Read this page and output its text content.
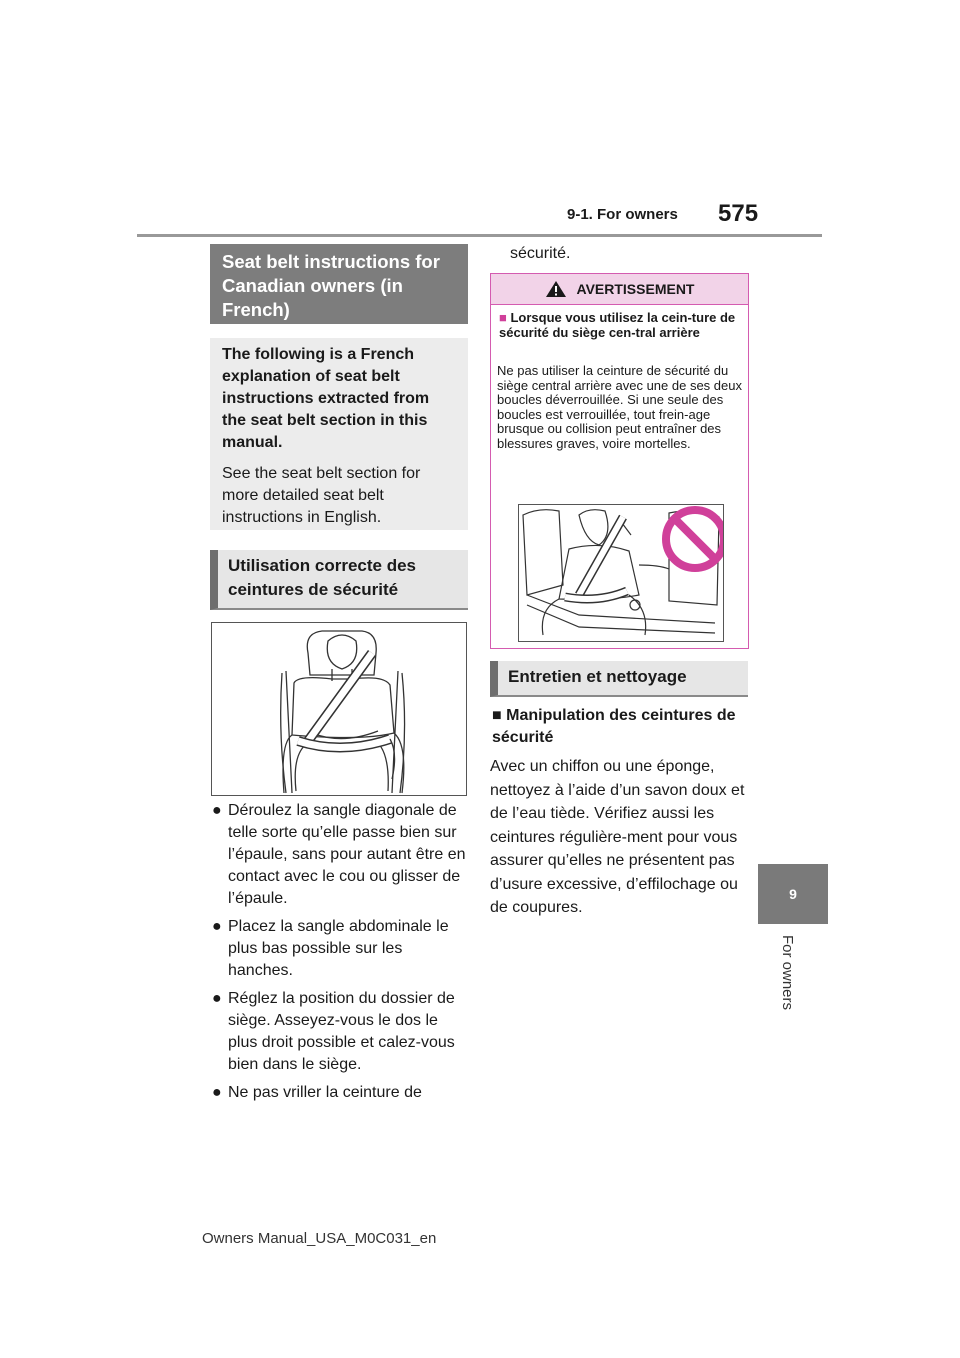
9-1. For owners 575
9
For owners
Seat belt instructions for Canadian owners (in French)

The following is a French explanation of seat belt instructions extracted from the seat belt section in this manual.

See the seat belt section for more detailed seat belt instructions in English.

Utilisation correcte des ceintures de sécurité
● Déroulez la sangle diagonale de telle sorte qu’elle passe bien sur l’épaule, sans pour autant être en contact avec le cou ou glisser de l’épaule.
● Placez la sangle abdominale le plus bas possible sur les hanches.
● Réglez la position du dossier de siège. Asseyez-vous le dos le plus droit possible et calez-vous bien dans le siège.
● Ne pas vriller la ceinture de
sécurité.
AVERTISSEMENT
■ Lorsque vous utilisez la cein-ture de sécurité du siège cen-tral arrière
Ne pas utiliser la ceinture de sécurité du siège central arrière avec une de ses deux boucles déverrouillée. Si une seule des boucles est verrouillée, tout frein-age brusque ou collision peut entraîner des blessures graves, voire mortelles.
Entretien et nettoyage
■ Manipulation des ceintures de sécurité
Avec un chiffon ou une éponge, nettoyez à l’aide d’un savon doux et de l’eau tiède. Vérifiez aussi les ceintures régulière-ment pour vous assurer qu’elles ne présentent pas d’usure excessive, d’effilochage ou de coupures.
Owners Manual_USA_M0C031_en
